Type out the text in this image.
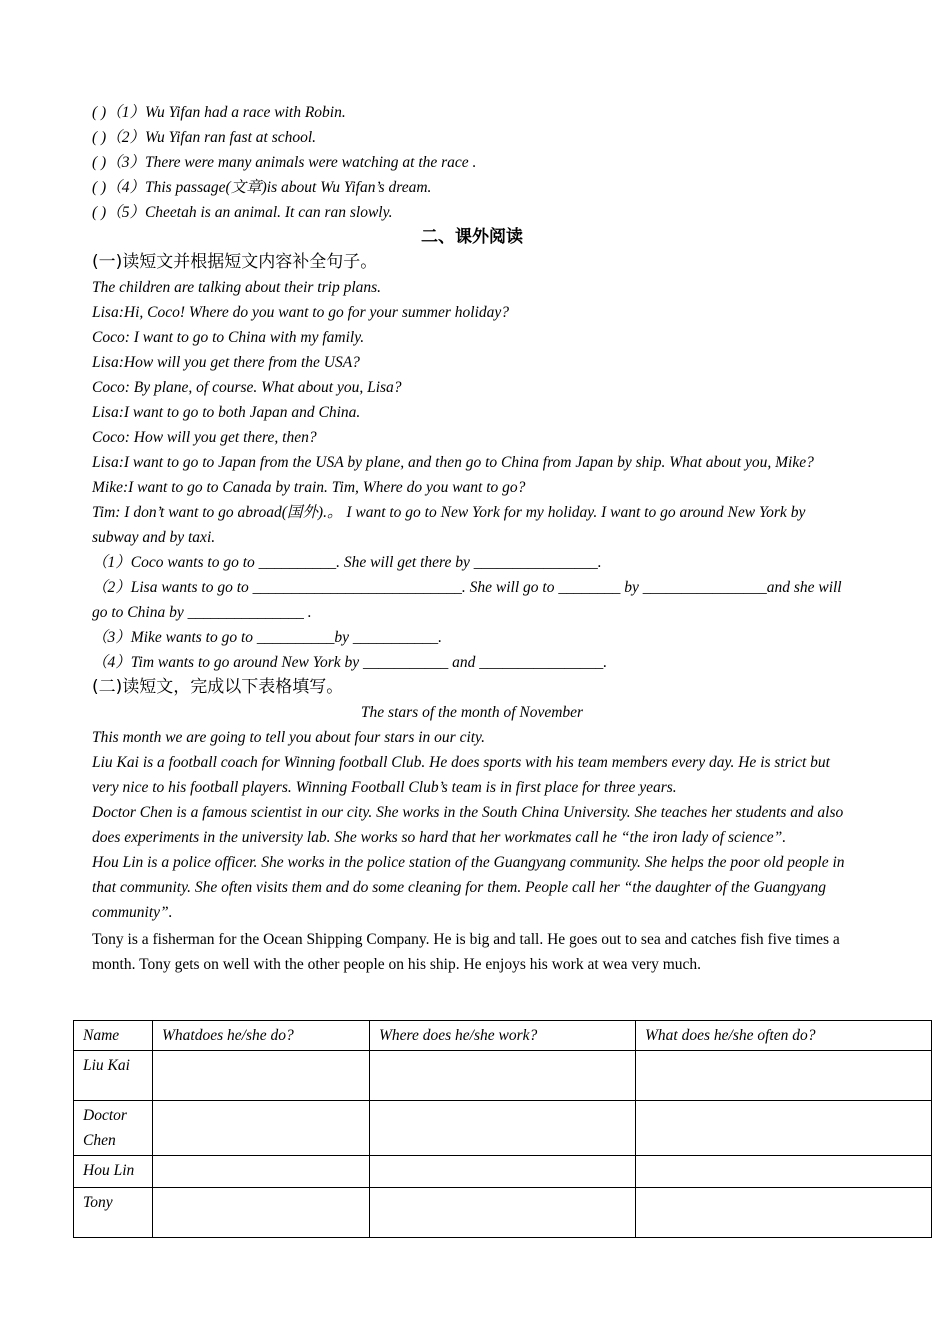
( )（1）Wu Yifan had a race with Robin.
( )（2）Wu Yifan ran fast at school.
( )（3）There were many animals were watching at the race .
( )（4）This passage(文章)is about Wu Yifan’s dream.
( )（5）Cheetah is an animal. It can ran slowly.
二、课外阅读
(一)读短文并根据短文内容补全句子。
The children are talking about their trip plans.
Lisa:Hi, Coco! Where do you want to go for your summer holiday?
Coco: I want to go to China with my family.
Lisa:How will you get there from the USA?
Coco: By plane, of course. What about you, Lisa?
Lisa:I want to go to both Japan and China.
Coco: How will you get there, then?
Lisa:I want to go to Japan from the USA by plane, and then go to China from Japan by ship. What about you, Mike?
Mike:I want to go to Canada by train. Tim, Where do you want to go?
Tim: I don’t want to go abroad(国外).。 I want to go to New York for my holiday. I want to go around New York by subway and by taxi.
（1）Coco wants to go to __________. She will get there by ________________.
（2）Lisa wants to go to ___________________________. She will go to ________ by ________________and she will go to China by _______________ .
（3）Mike wants to go to __________by ___________.
（4）Tim wants to go around New York by ___________ and ________________.
(二)读短文，完成以下表格填写。
The stars of the month of November
This month we are going to tell you about four stars in our city.
Liu Kai is a football coach for Winning football Club. He does sports with his team members every day. He is strict but very nice to his football players. Winning Football Club’s team is in first place for three years.
Doctor Chen is a famous scientist in our city. She works in the South China University. She teaches her students and also does experiments in the university lab. She works so hard that her workmates call he “the iron lady of science”.
Hou Lin is a police officer. She works in the police station of the Guangyang community. She helps the poor old people in that community. She often visits them and do some cleaning for them. People call her “the daughter of the Guangyang community”.
Tony is a fisherman for the Ocean Shipping Company. He is big and tall. He goes out to sea and catches fish five times a month. Tony gets on well with the other people on his ship. He enjoys his work at wea very much.
Name	Whatdoes he/she do?	Where does he/she work?	What does he/she often do?
Liu Kai			
Doctor Chen			
Hou Lin			
Tony			
